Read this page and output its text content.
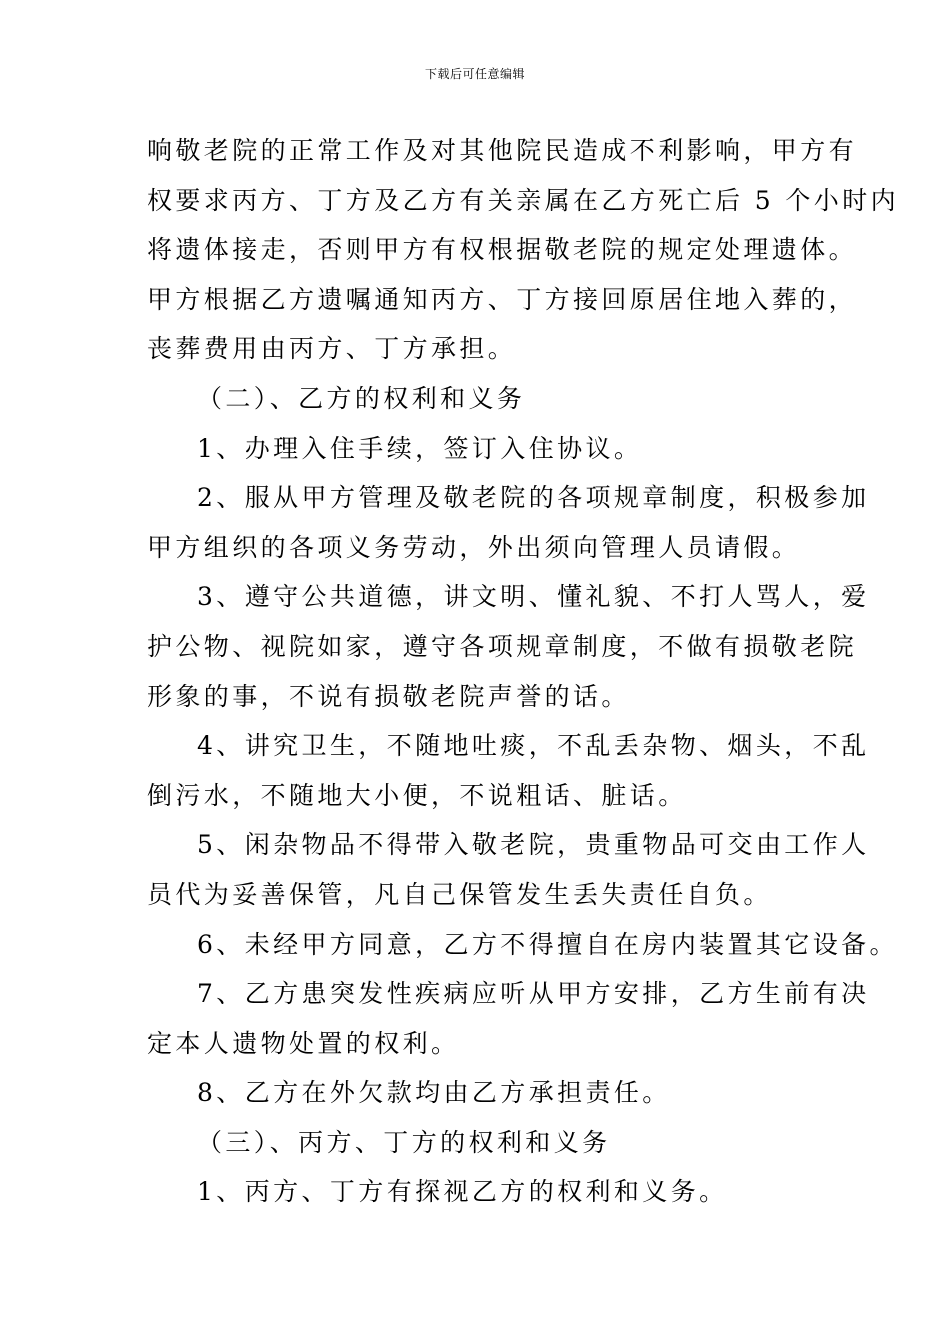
下载后可任意编辑
响敬老院的正常工作及对其他院民造成不利影响，甲方有
权要求丙方、丁方及乙方有关亲属在乙方死亡后 5 个小时内
将遗体接走，否则甲方有权根据敬老院的规定处理遗体。
甲方根据乙方遗嘱通知丙方、丁方接回原居住地入葬的，
丧葬费用由丙方、丁方承担。
（二）、乙方的权利和义务
1、办理入住手续，签订入住协议。
2、服从甲方管理及敬老院的各项规章制度，积极参加
甲方组织的各项义务劳动，外出须向管理人员请假。
3、遵守公共道德，讲文明、懂礼貌、不打人骂人，爱
护公物、视院如家，遵守各项规章制度，不做有损敬老院
形象的事，不说有损敬老院声誉的话。
4、讲究卫生，不随地吐痰，不乱丢杂物、烟头，不乱
倒污水，不随地大小便，不说粗话、脏话。
5、闲杂物品不得带入敬老院，贵重物品可交由工作人
员代为妥善保管，凡自己保管发生丢失责任自负。
6、未经甲方同意，乙方不得擅自在房内装置其它设备。
7、乙方患突发性疾病应听从甲方安排，乙方生前有决
定本人遗物处置的权利。
8、乙方在外欠款均由乙方承担责任。
（三）、丙方、丁方的权利和义务
1、丙方、丁方有探视乙方的权利和义务。
